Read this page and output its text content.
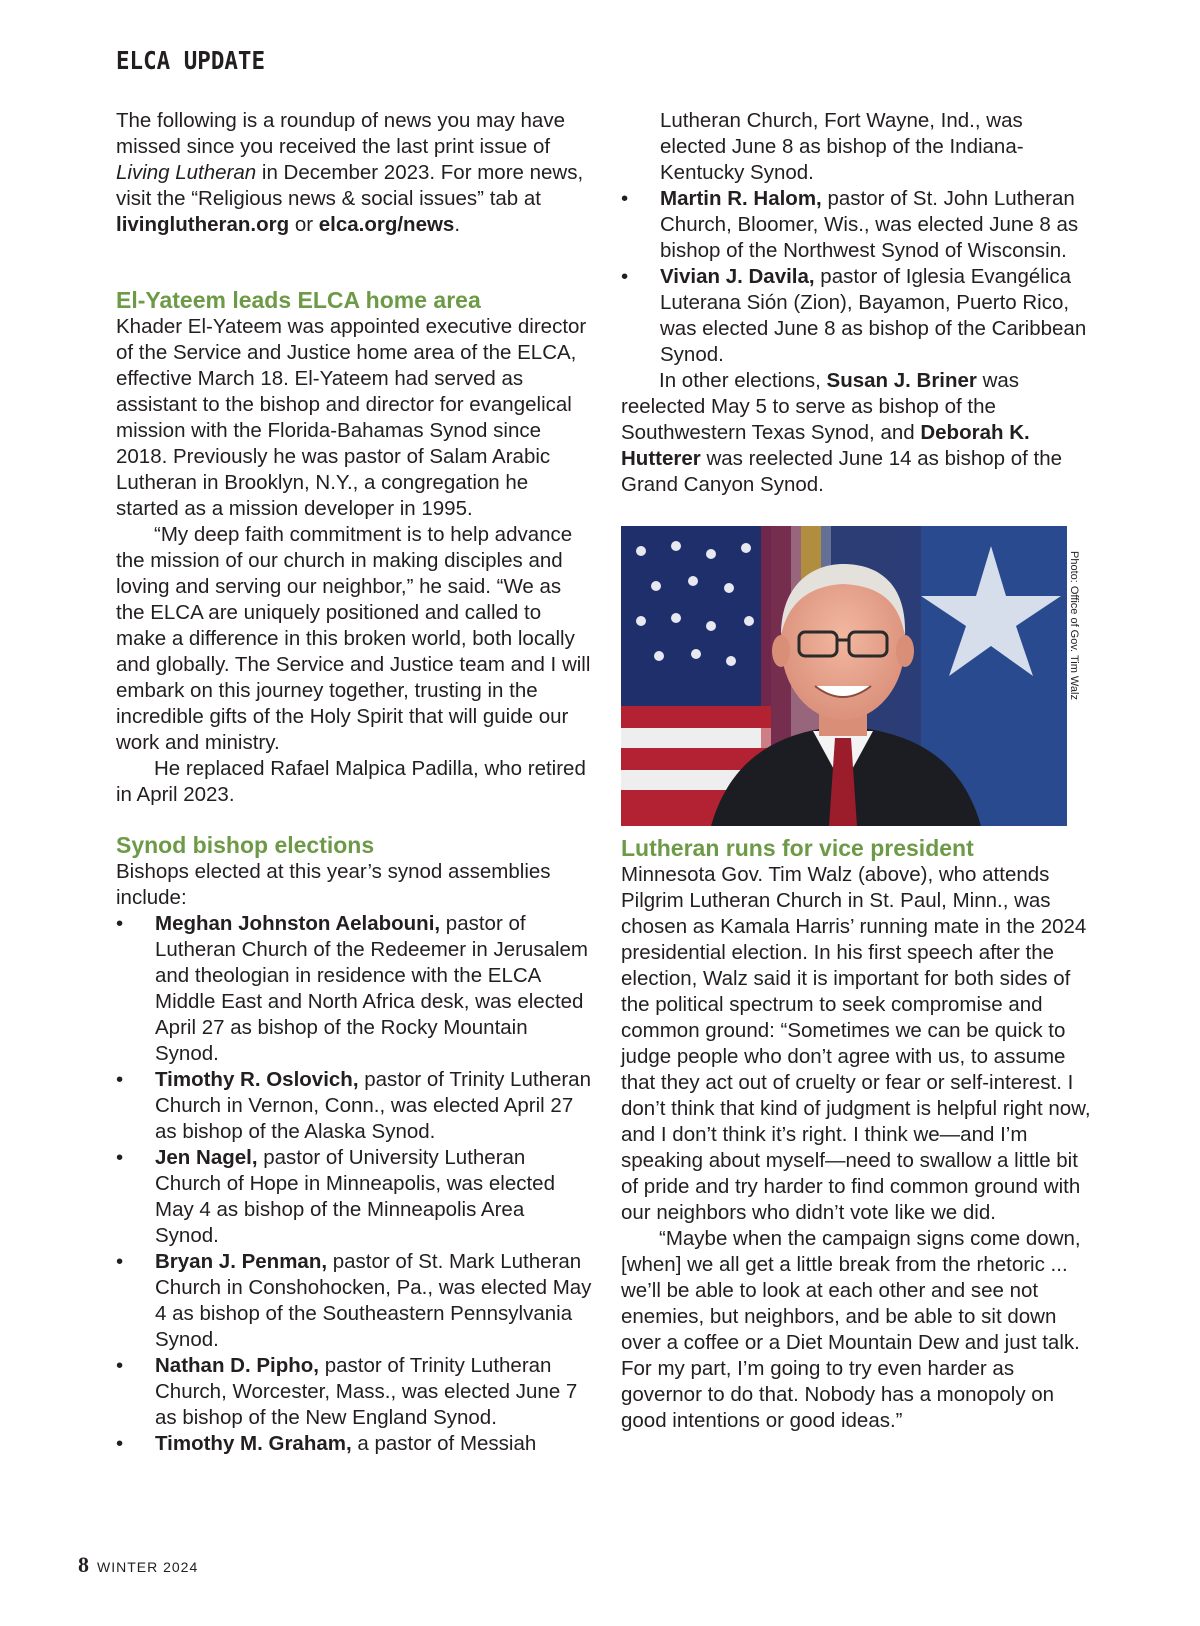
ELCA UPDATE

The following is a roundup of news you may have missed since you received the last print issue of Living Lutheran in December 2023. For more news, visit the “Religious news & social issues” tab at livinglutheran.org or elca.org/news.

El-Yateem leads ELCA home area

Khader El-Yateem was appointed executive director of the Service and Justice home area of the ELCA, effective March 18. El-Yateem had served as assistant to the bishop and director for evangelical mission with the Florida-Bahamas Synod since 2018. Previously he was pastor of Salam Arabic Lutheran in Brooklyn, N.Y., a congregation he started as a mission developer in 1995.

“My deep faith commitment is to help advance the mission of our church in making disciples and loving and serving our neighbor,” he said. “We as the ELCA are uniquely positioned and called to make a difference in this broken world, both locally and globally. The Service and Justice team and I will embark on this journey together, trusting in the incredible gifts of the Holy Spirit that will guide our work and ministry.

He replaced Rafael Malpica Padilla, who retired in April 2023.

Synod bishop elections

Bishops elected at this year’s synod assemblies include:

• Meghan Johnston Aelabouni, pastor of Lutheran Church of the Redeemer in Jerusalem and theologian in residence with the ELCA Middle East and North Africa desk, was elected April 27 as bishop of the Rocky Mountain Synod.
• Timothy R. Oslovich, pastor of Trinity Lutheran Church in Vernon, Conn., was elected April 27 as bishop of the Alaska Synod.
• Jen Nagel, pastor of University Lutheran Church of Hope in Minneapolis, was elected May 4 as bishop of the Minneapolis Area Synod.
• Bryan J. Penman, pastor of St. Mark Lutheran Church in Conshohocken, Pa., was elected May 4 as bishop of the Southeastern Pennsylvania Synod.
• Nathan D. Pipho, pastor of Trinity Lutheran Church, Worcester, Mass., was elected June 7 as bishop of the New England Synod.
• Timothy M. Graham, a pastor of Messiah
Lutheran Church, Fort Wayne, Ind., was elected June 8 as bishop of the Indiana-Kentucky Synod.
• Martin R. Halom, pastor of St. John Lutheran Church, Bloomer, Wis., was elected June 8 as bishop of the Northwest Synod of Wisconsin.
• Vivian J. Davila, pastor of Iglesia Evangélica Luterana Sión (Zion), Bayamon, Puerto Rico, was elected June 8 as bishop of the Caribbean Synod.

In other elections, Susan J. Briner was reelected May 5 to serve as bishop of the Southwestern Texas Synod, and Deborah K. Hutterer was reelected June 14 as bishop of the Grand Canyon Synod.

Lutheran runs for vice president

Minnesota Gov. Tim Walz (above), who attends Pilgrim Lutheran Church in St. Paul, Minn., was chosen as Kamala Harris’ running mate in the 2024 presidential election. In his first speech after the election, Walz said it is important for both sides of the political spectrum to seek compromise and common ground: “Sometimes we can be quick to judge people who don’t agree with us, to assume that they act out of cruelty or fear or self-interest. I don’t think that kind of judgment is helpful right now, and I don’t think it’s right. I think we—and I’m speaking about myself—need to swallow a little bit of pride and try harder to find common ground with our neighbors who didn’t vote like we did.

“Maybe when the campaign signs come down, [when] we all get a little break from the rhetoric ... we’ll be able to look at each other and see not enemies, but neighbors, and be able to sit down over a coffee or a Diet Mountain Dew and just talk. For my part, I’m going to try even harder as governor to do that. Nobody has a monopoly on good intentions or good ideas.”

Photo: Office of Gov. Tim Walz
8 WINTER 2024
